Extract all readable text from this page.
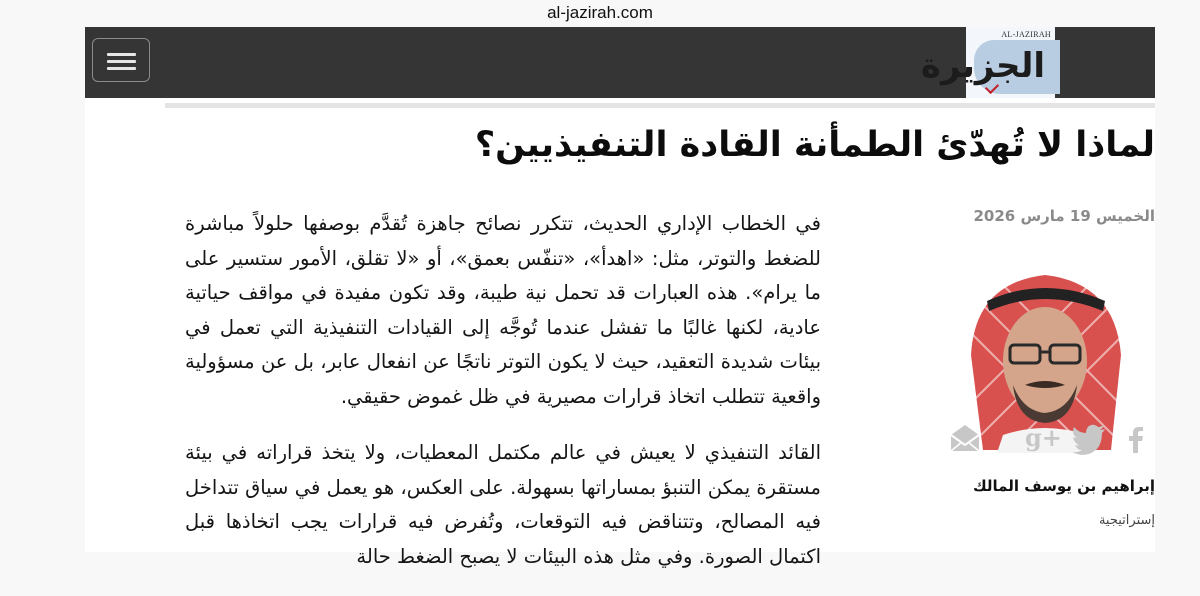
al-jazirah.com
AL-JAZIRAH
الجزيرة
لماذا لا تُهدّئ الطمأنة القادة التنفيذيين؟

الخميس 19 مارس 2026

g+

إبراهيم بن يوسف المالك

إستراتيجية

في الخطاب الإداري الحديث، تتكرر نصائح جاهزة تُقدَّم بوصفها حلولاً مباشرة للضغط والتوتر، مثل: «اهدأ»، «تنفّس بعمق»، أو «لا تقلق، الأمور ستسير على ما يرام». هذه العبارات قد تحمل نية طيبة، وقد تكون مفيدة في مواقف حياتية عادية، لكنها غالبًا ما تفشل عندما تُوجَّه إلى القيادات التنفيذية التي تعمل في بيئات شديدة التعقيد، حيث لا يكون التوتر ناتجًا عن انفعال عابر، بل عن مسؤولية واقعية تتطلب اتخاذ قرارات مصيرية في ظل غموض حقيقي.

القائد التنفيذي لا يعيش في عالم مكتمل المعطيات، ولا يتخذ قراراته في بيئة مستقرة يمكن التنبؤ بمساراتها بسهولة. على العكس، هو يعمل في سياق تتداخل فيه المصالح، وتتناقض فيه التوقعات، وتُفرض فيه قرارات يجب اتخاذها قبل اكتمال الصورة. وفي مثل هذه البيئات لا يصبح الضغط حالة
